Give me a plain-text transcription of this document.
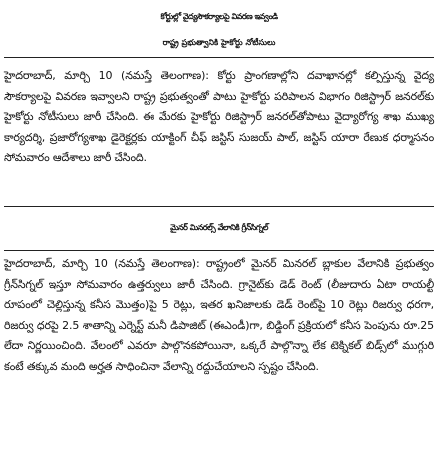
కోర్టుల్లో వైద్యసౌకర్యాలపై వివరణ ఇవ్వండి
రాష్ట్ర ప్రభుత్వానికి హైకోర్టు నోటీసులు

హైదరాబాద్, మార్చి 10 (నమస్తే తెలంగాణ): కోర్టు ప్రాంగణాల్లోని దవాఖానల్లో కల్పిస్తున్న వైద్య సౌకర్యాలపై వివరణ ఇవ్వాలని రాష్ట్ర ప్రభుత్వంతో పాటు హైకోర్టు పరిపాలన విభాగం రిజిస్ట్రార్ జనరల్‌కు హైకోర్టు నోటీసులు జారీ చేసింది. ఈ మేరకు హైకోర్టు రిజిస్ట్రార్ జనరల్‌తోపాటు వైద్యారోగ్య శాఖ ముఖ్య కార్యదర్శి, ప్రజారోగ్యశాఖ డైరెక్టర్లకు యాక్టింగ్ చీఫ్ జస్టిస్ సుజయ్ పాల్, జస్టిస్ యారా రేణుక ధర్మాసనం సోమవారం ఆదేశాలు జారీ చేసింది.

మైనర్ మినరల్స్ వేలానికి గ్రీన్‌సిగ్నల్

హైదరాబాద్, మార్చి 10 (నమస్తే తెలంగాణ): రాష్ట్రంలో మైనర్ మినరల్ బ్లాకుల వేలానికి ప్రభుత్వం గ్రీన్‌సిగ్నల్ ఇస్తూ సోమవారం ఉత్తర్వులు జారీ చేసింది. గ్రానైట్‌కు డెడ్ రెంట్ (లీజుదారు ఏటా రాయల్టీ రూపంలో చెల్లిస్తున్న కనీస మొత్తం)పై 5 రెట్లు, ఇతర ఖనిజాలకు డెడ్ రెంట్‌పై 10 రెట్లు రిజర్వు ధరగా, రిజర్వు ధరపై 2.5 శాతాన్ని ఎర్నెస్ట్ మనీ డిపాజిట్ (ఈఎండీ)గా, బిడ్డింగ్ ప్రక్రియలో కనీస పెంపును రూ.25 లేదా నిర్ణయించింది. వేలంలో ఎవరూ పాల్గొనకపోయినా, ఒక్కరే పాల్గొన్నా లేక టెక్నికల్ బిడ్స్‌లో ముగ్గురి కంటే తక్కువ మంది అర్హత సాధించినా వేలాన్ని రద్దుచేయాలని స్పష్టం చేసింది.
